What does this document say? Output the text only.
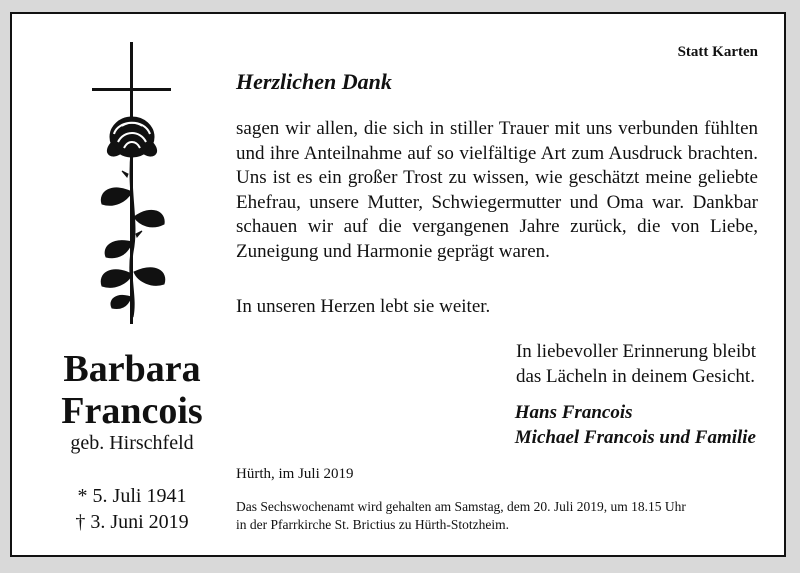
Barbara
Francois
geb. Hirschfeld
* 5. Juli 1941
† 3. Juni 2019
Statt Karten
Herzlichen Dank
sagen wir allen, die sich in stiller Trauer mit uns verbunden fühlten und ihre Anteilnahme auf so vielfältige Art zum Ausdruck brachten. Uns ist es ein großer Trost zu wissen, wie geschätzt meine geliebte Ehefrau, unsere Mutter, Schwiegermutter und Oma war. Dankbar schauen wir auf die vergangenen Jahre zurück, die von Liebe, Zuneigung und Harmonie geprägt waren.
In unseren Herzen lebt sie weiter.
In liebevoller Erinnerung bleibt
das Lächeln in deinem Gesicht.
Hans Francois
Michael Francois und Familie
Hürth, im Juli 2019
Das Sechswochenamt wird gehalten am Samstag, dem 20. Juli 2019, um 18.15 Uhr
in der Pfarrkirche St. Brictius zu Hürth-Stotzheim.
